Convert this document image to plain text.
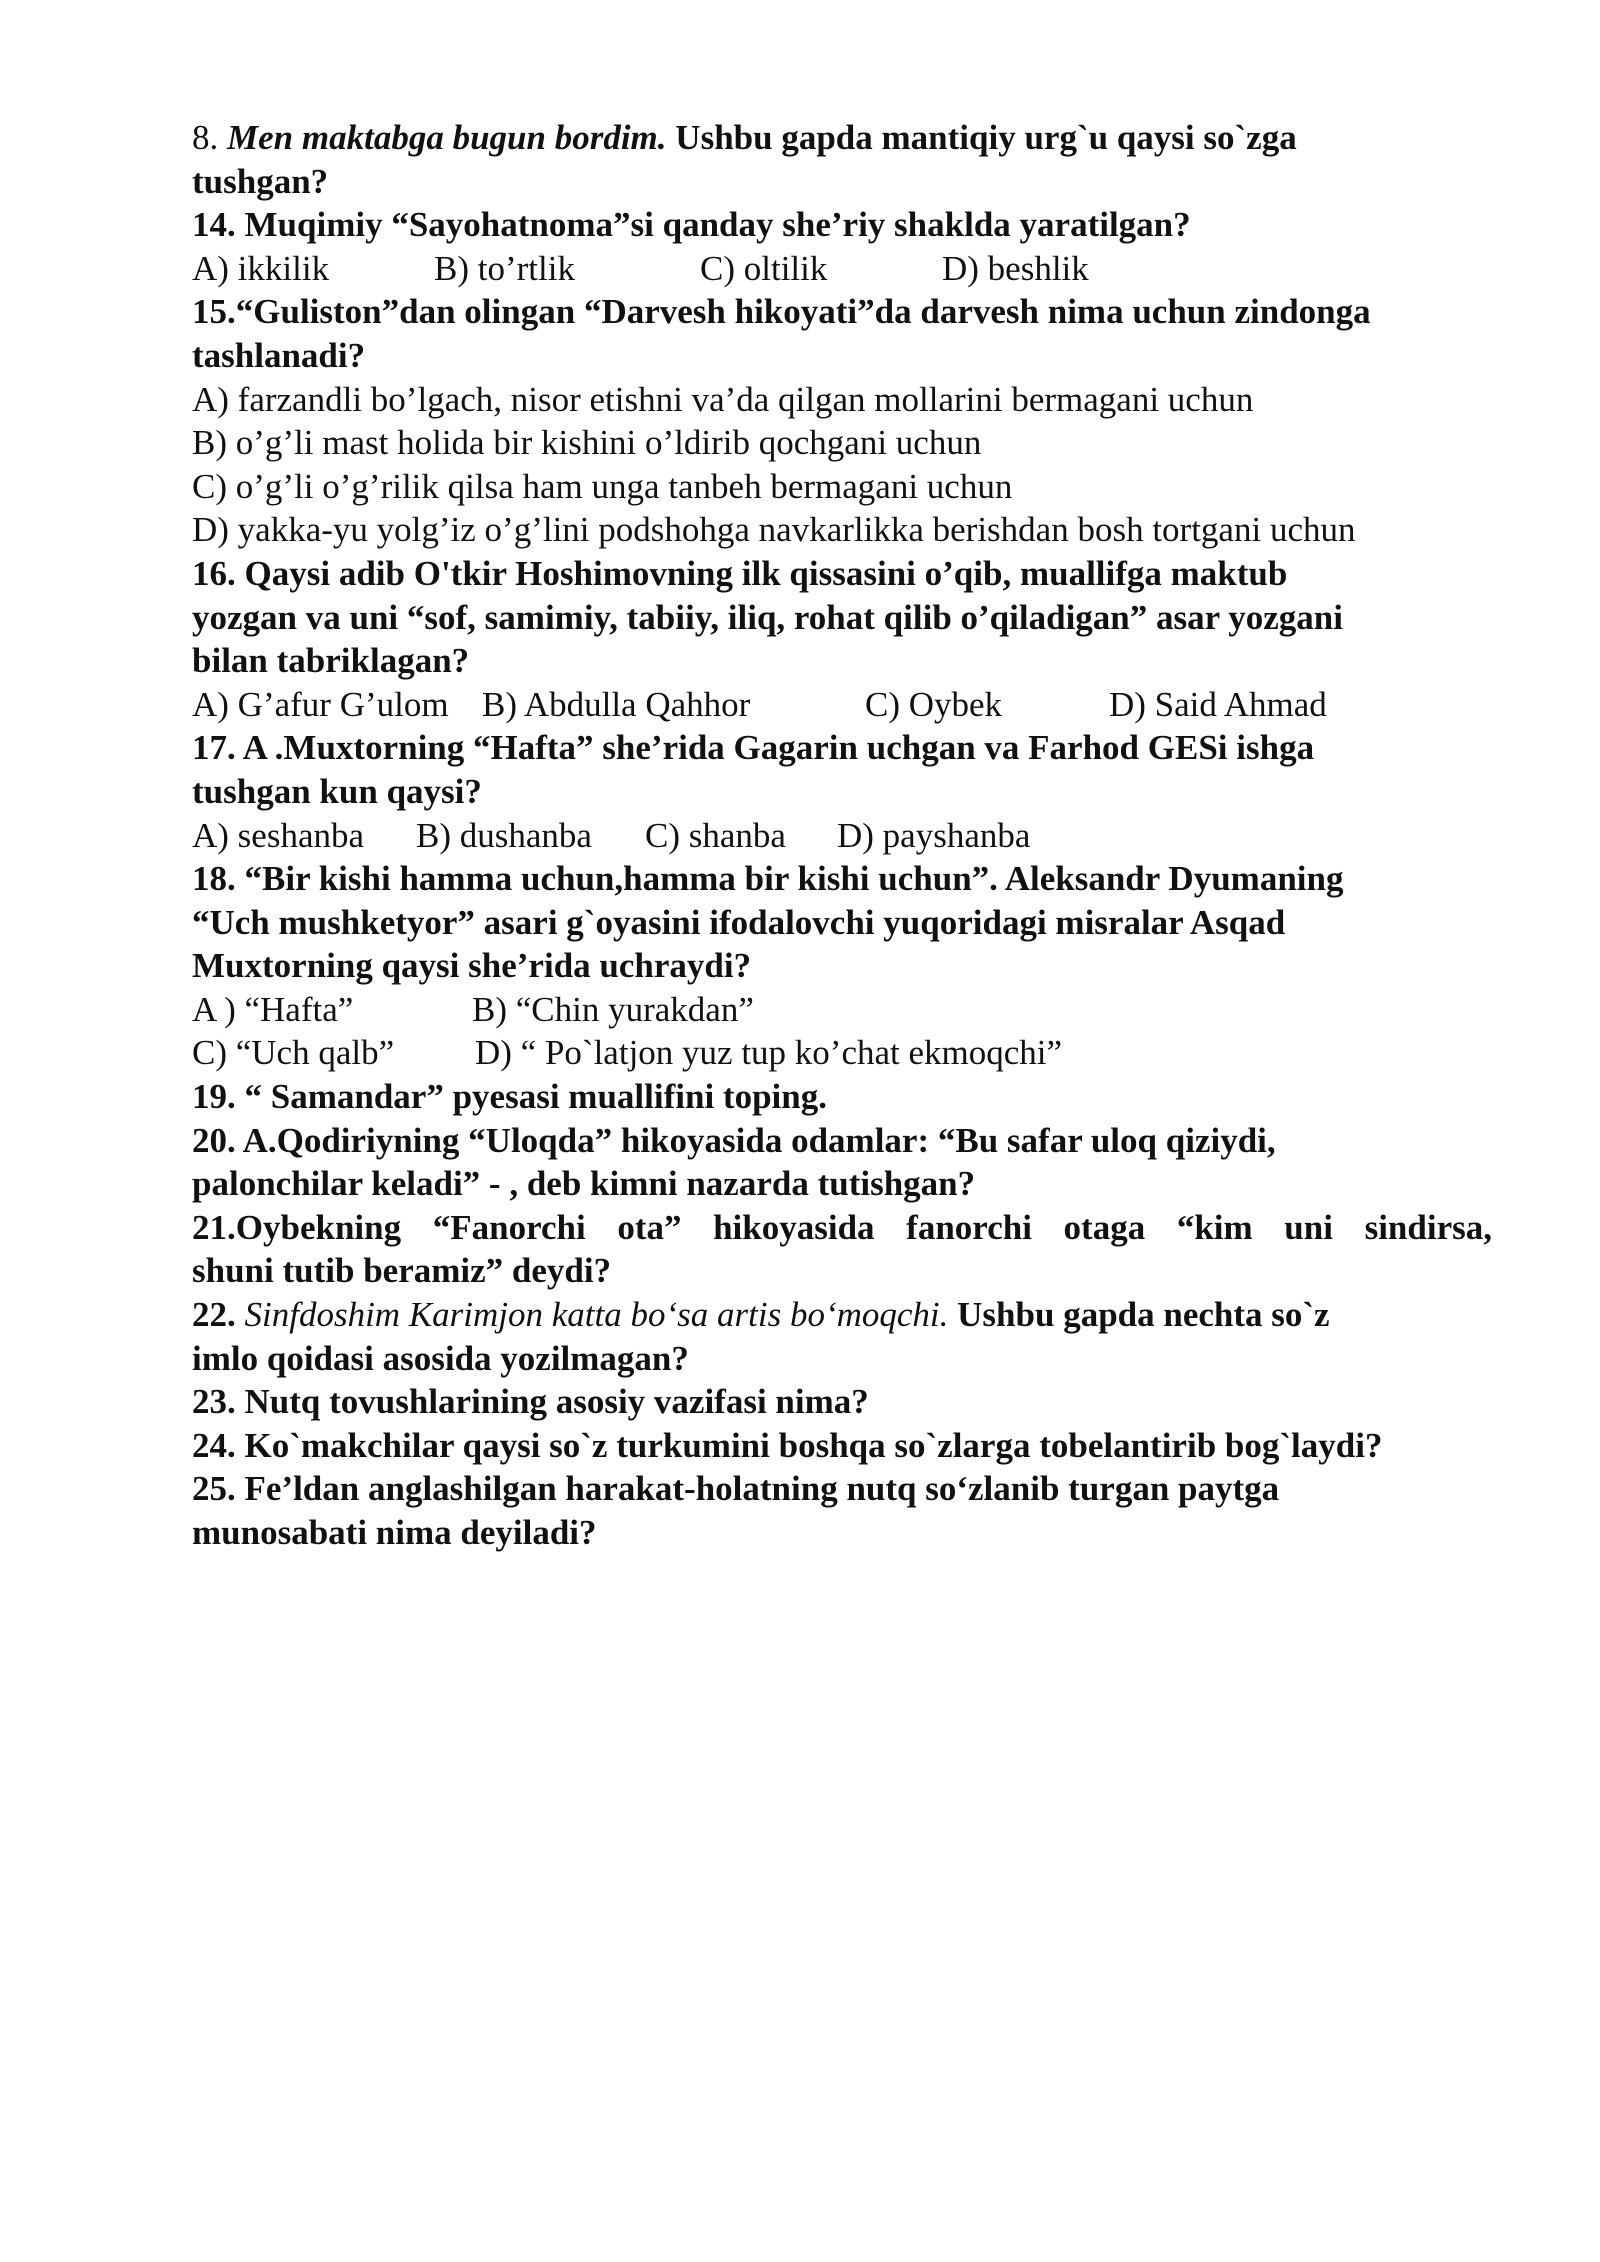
8. Men maktabga bugun bordim. Ushbu gapda mantiqiy urg`u qaysi so`zga
tushgan?
14. Muqimiy “Sayohatnoma”si qanday she’riy shaklda yaratilgan?
A) ikkilik	B) to’rtlik	C) oltilik	D) beshlik
15.“Guliston”dan olingan “Darvesh hikoyati”da darvesh nima uchun zindonga
tashlanadi?
A) farzandli bo’lgach, nisor etishni va’da qilgan mollarini bermagani uchun
B) o’g’li mast holida bir kishini o’ldirib qochgani uchun
C) o’g’li o’g’rilik qilsa ham unga tanbeh bermagani uchun
D) yakka-yu yolg’iz o’g’lini podshohga navkarlikka berishdan bosh tortgani uchun
16. Qaysi adib O'tkir Hoshimovning ilk qissasini o’qib, muallifga maktub
yozgan va uni “sof, samimiy, tabiiy, iliq, rohat qilib o’qiladigan” asar yozgani
bilan tabriklagan?
A) G’afur G’ulom B) Abdulla Qahhor	C) Oybek	D) Said Ahmad
17. A .Muxtorning “Hafta” she’rida Gagarin uchgan va Farhod GESi ishga
tushgan kun qaysi?
A) seshanba B) dushanba C) shanba D) payshanba
18. “Bir kishi hamma uchun,hamma bir kishi uchun”. Aleksandr Dyumaning
“Uch mushketyor” asari g`oyasini ifodalovchi yuqoridagi misralar Asqad
Muxtorning qaysi she’rida uchraydi?
A ) “Hafta”	B) “Chin yurakdan”
C) “Uch qalb” D) “ Po`latjon yuz tup ko’chat ekmoqchi”
19. “ Samandar” pyesasi muallifini toping.
20. A.Qodiriyning “Uloqda” hikoyasida odamlar: “Bu safar uloq qiziydi,
palonchilar keladi” - , deb kimni nazarda tutishgan?
21.Oybekning “Fanorchi ota” hikoyasida fanorchi otaga “kim uni sindirsa,
shuni tutib beramiz” deydi?
22. Sinfdoshim Karimjon katta bo‘sa artis bo‘moqchi. Ushbu gapda nechta so`z
imlo qoidasi asosida yozilmagan?
23. Nutq tovushlarining asosiy vazifasi nima?
24. Ko`makchilar qaysi so`z turkumini boshqa so`zlarga tobelantirib bog`laydi?
25. Fe’ldan anglashilgan harakat-holatning nutq so‘zlanib turgan paytga
munosabati nima deyiladi?
